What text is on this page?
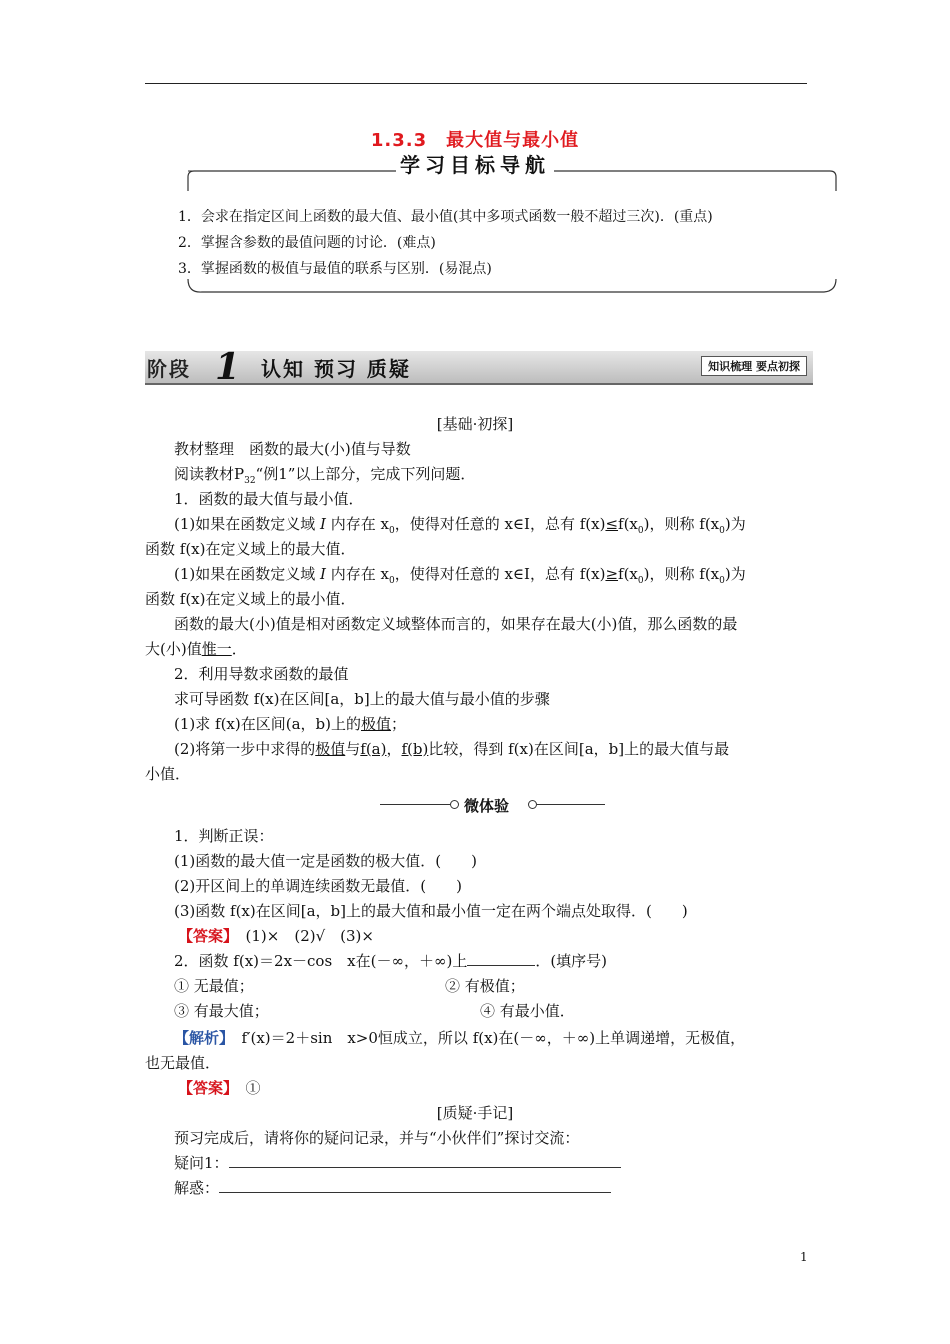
1.3.3　最大值与最小值
学习目标导航
1．会求在指定区间上函数的最大值、最小值(其中多项式函数一般不超过三次)．(重点)
2．掌握含参数的最值问题的讨论．(难点)
3．掌握函数的极值与最值的联系与区别．(易混点)
阶段 1 认知 预习 质疑	知识梳理 要点初探
[基础·初探]
教材整理　函数的最大(小)值与导数
阅读教材$P_{32}“$例1”以上部分，完成下列问题．
1．函数的最大值与最小值．
(1)如果在函数定义域 I 内存在 $x_0$，使得对任意的 x∈I，总有 $f(x)\le f(x_0)$，则称 $f(x_0)$为
函数 f(x)在定义域上的最大值．
(1)如果在函数定义域 I 内存在 $x_0$，使得对任意的 x∈I，总有 $f(x)\ge f(x_0)$，则称 $f(x_0)$为
函数 f(x)在定义域上的最小值．
函数的最大(小)值是相对函数定义域整体而言的，如果存在最大(小)值，那么函数的最
大(小)值惟一．
2．利用导数求函数的最值
求可导函数 f(x)在区间[a，b]上的最大值与最小值的步骤
(1)求 f(x)在区间(a，b)上的极值；
(2)将第一步中求得的极值与f(a)，f(b)比较，得到 f(x)在区间[a，b]上的最大值与最
小值．
微体验
1．判断正误：
(1)函数的最大值一定是函数的极大值．(　　)
(2)开区间上的单调连续函数无最值．(　　)
(3)函数 f(x)在区间[a，b]上的最大值和最小值一定在两个端点处取得．(　　)
【答案】　 (1)×　(2)√　(3)×
2．函数 f(x)＝2x－cos　x在(－∞，＋∞)上	．(填序号)
① 无最值；	② 有极值；
③ 有最大值；	④ 有最小值．
【解析】　 f′(x)＝2＋sin　x>0恒成立，所以 f(x)在(－∞，＋∞)上单调递增，无极值，
也无最值．
【答案】　 ①
[质疑·手记]
预习完成后，请将你的疑问记录，并与“小伙伴们”探讨交流：
疑问1：
解惑：
1
